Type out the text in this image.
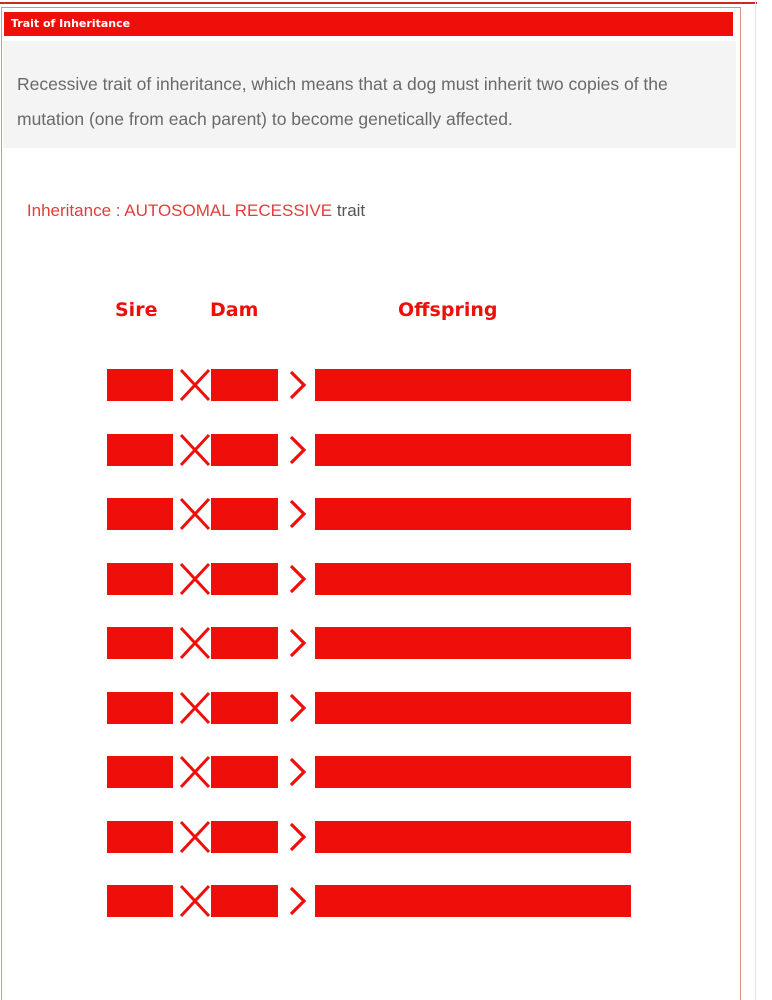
Trait of Inheritance
Recessive trait of inheritance, which means that a dog must inherit two copies of the mutation (one from each parent) to become genetically affected.

Inheritance : AUTOSOMAL RECESSIVE trait

Sire	Dam	Offspring

clear
	clear
	100% clear

clear
	carrier
	50%  clear + 50% carriers

clear
	affected
	100% carriers

carrier
	clear
	50%  clear + 50% carriers

carrier
	carrier
	25% clear + 25% affected + 50% carriers

carrier
	affected
	50% carriers + 50% affected

affected
	clear
	100%  carriers

affected
	carrier
	50% carriers + 50% affected

affected
	affected
	100% affected
